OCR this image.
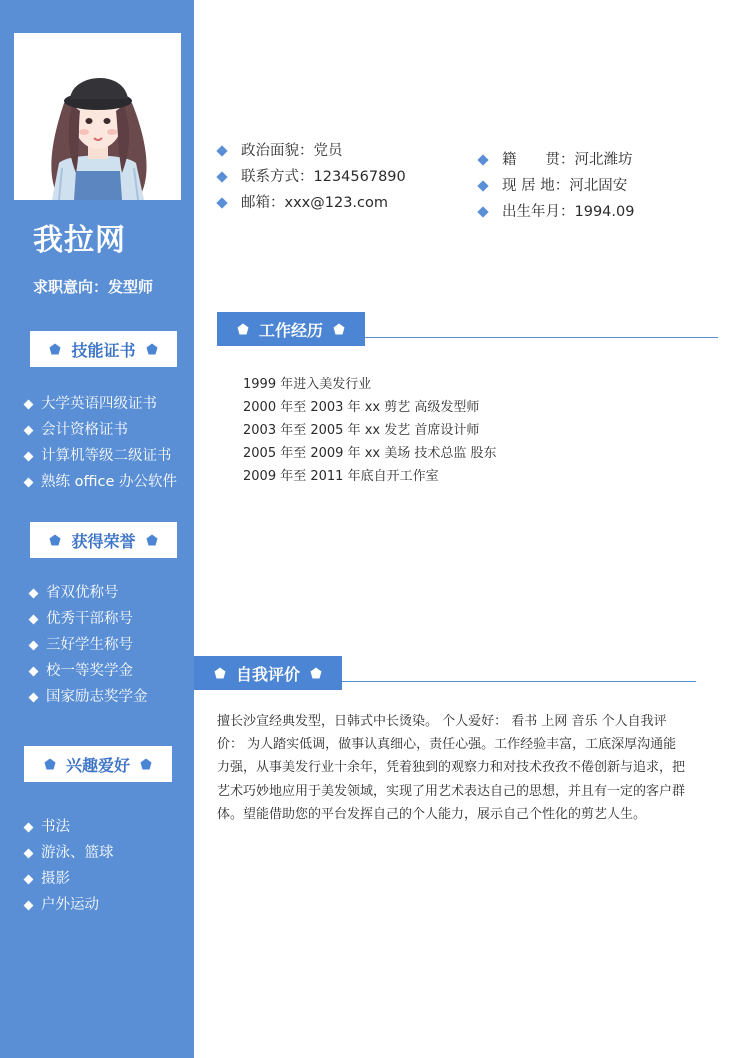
我拉网
求职意向：发型师
技能证书
大学英语四级证书
会计资格证书
计算机等级二级证书
熟练 office 办公软件
获得荣誉
省双优称号
优秀干部称号
三好学生称号
校一等奖学金
国家励志奖学金
兴趣爱好
书法
游泳、篮球
摄影
户外运动
政治面貌：党员
联系方式：1234567890
邮箱：xxx@123.com
籍　　贯：河北潍坊
现 居 地：河北固安
出生年月：1994.09
工作经历
1999 年进入美发行业
2000 年至 2003 年 xx 剪艺 高级发型师
2003 年至 2005 年 xx 发艺 首席设计师
2005 年至 2009 年 xx 美场 技术总监 股东
2009 年至 2011 年底自开工作室
自我评价

擅长沙宣经典发型，日韩式中长烫染。 个人爱好： 看书 上网 音乐 个人自我评价： 为人踏实低调，做事认真细心，责任心强。工作经验丰富，工底深厚沟通能力强，从事美发行业十余年，凭着独到的观察力和对技术孜孜不倦创新与追求，把艺术巧妙地应用于美发领域，实现了用艺术表达自己的思想，并且有一定的客户群体。望能借助您的平台发挥自己的个人能力，展示自己个性化的剪艺人生。
